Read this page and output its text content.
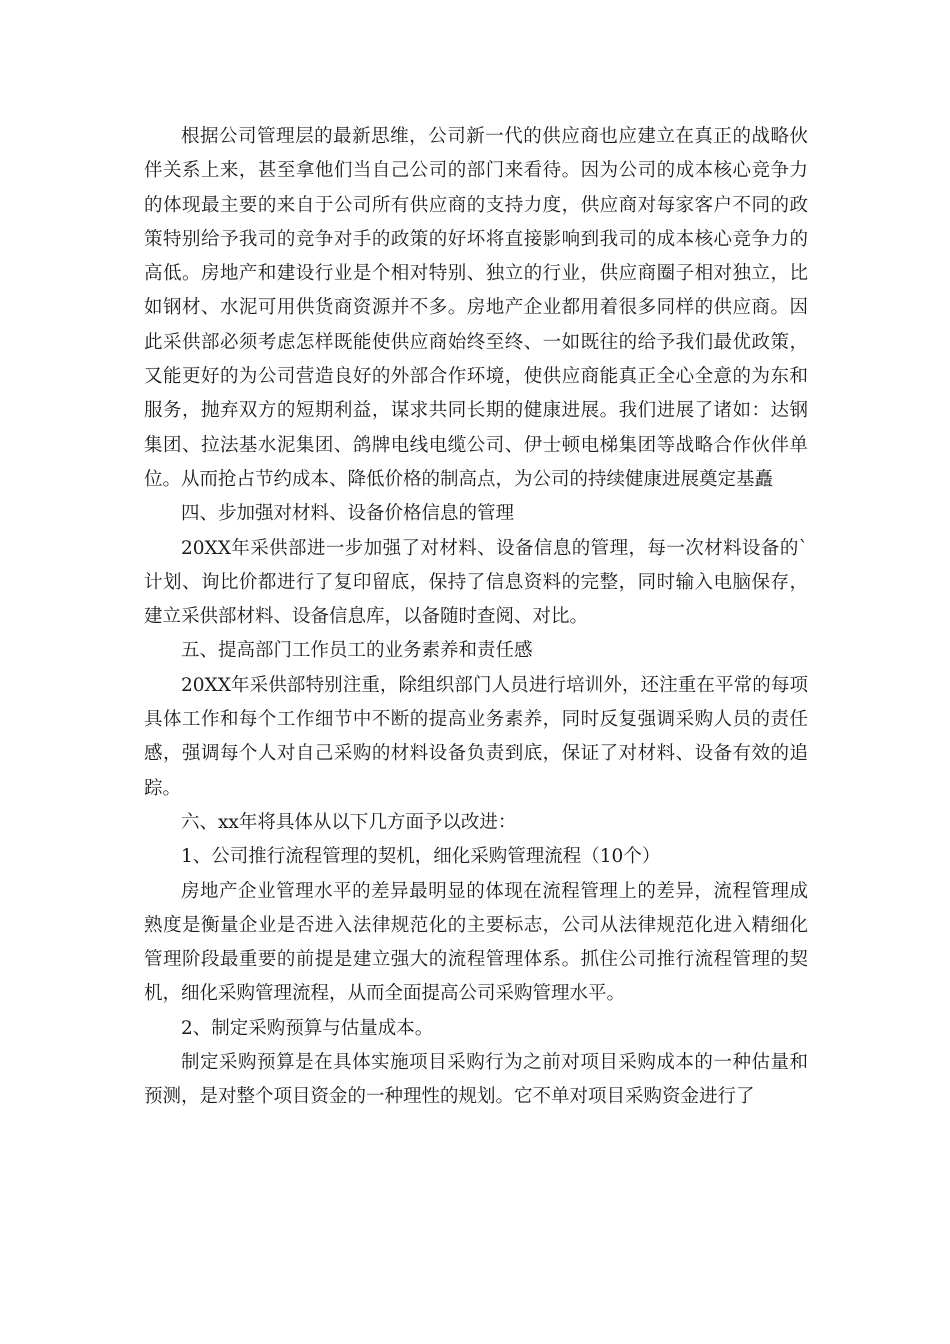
根据公司管理层的最新思维，公司新一代的供应商也应建立在真正的战略伙伴关系上来，甚至拿他们当自己公司的部门来看待。因为公司的成本核心竞争力的体现最主要的来自于公司所有供应商的支持力度，供应商对每家客户不同的政策特别给予我司的竞争对手的政策的好坏将直接影响到我司的成本核心竞争力的高低。房地产和建设行业是个相对特别、独立的行业，供应商圈子相对独立，比如钢材、水泥可用供货商资源并不多。房地产企业都用着很多同样的供应商。因此采供部必须考虑怎样既能使供应商始终至终、一如既往的给予我们最优政策，又能更好的为公司营造良好的外部合作环境，使供应商能真正全心全意的为东和服务，抛弃双方的短期利益，谋求共同长期的健康进展。我们进展了诸如：达钢集团、拉法基水泥集团、鸽牌电线电缆公司、伊士顿电梯集团等战略合作伙伴单位。从而抢占节约成本、降低价格的制高点，为公司的持续健康进展奠定基矗

四、步加强对材料、设备价格信息的管理

20XX年采供部进一步加强了对材料、设备信息的管理，每一次材料设备的`计划、询比价都进行了复印留底，保持了信息资料的完整，同时输入电脑保存，建立采供部材料、设备信息库，以备随时查阅、对比。

五、提高部门工作员工的业务素养和责任感

20XX年采供部特别注重，除组织部门人员进行培训外，还注重在平常的每项具体工作和每个工作细节中不断的提高业务素养，同时反复强调采购人员的责任感，强调每个人对自己采购的材料设备负责到底，保证了对材料、设备有效的追踪。

六、xx年将具体从以下几方面予以改进：

1、公司推行流程管理的契机，细化采购管理流程（10个）

房地产企业管理水平的差异最明显的体现在流程管理上的差异，流程管理成熟度是衡量企业是否进入法律规范化的主要标志，公司从法律规范化进入精细化管理阶段最重要的前提是建立强大的流程管理体系。抓住公司推行流程管理的契机，细化采购管理流程，从而全面提高公司采购管理水平。

2、制定采购预算与估量成本。

制定采购预算是在具体实施项目采购行为之前对项目采购成本的一种估量和预测，是对整个项目资金的一种理性的规划。它不单对项目采购资金进行了
